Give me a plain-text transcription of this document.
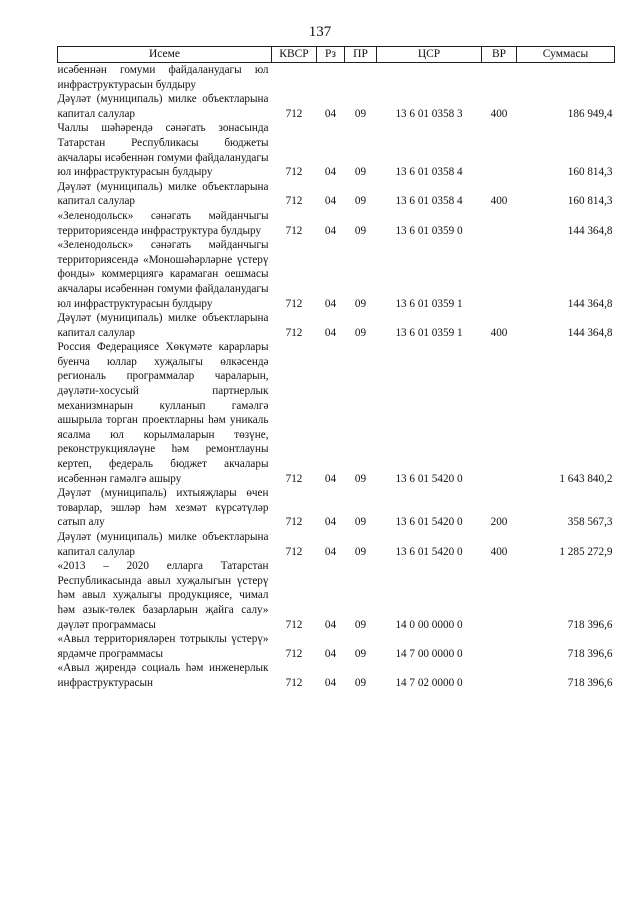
137
Исеме	КВСР	Рз	ПР	ЦСР	ВР	Суммасы
исәбеннән гомуми файдаланудагы юл инфраструктурасын булдыру						
Дәүләт (муниципаль) милке объектларына капитал салулар	712	04	09	13 6 01 0358 3	400	186 949,4
Чаллы шәһәрендә сәнәгать зонасында Татарстан Республикасы бюджеты акчалары исәбеннән гомуми файдаланудагы юл инфраструктурасын булдыру	712	04	09	13 6 01 0358 4		160 814,3
Дәүләт (муниципаль) милке объектларына капитал салулар	712	04	09	13 6 01 0358 4	400	160 814,3
«Зеленодольск» сәнәгать мәйданчыгы территориясендә инфраструктура булдыру	712	04	09	13 6 01 0359 0		144 364,8
«Зеленодольск» сәнәгать мәйданчыгы территориясендә «Моношәһәрләрне үстерү фонды» коммерциягә карамаган оешмасы акчалары исәбеннән гомуми файдаланудагы юл инфраструктурасын булдыру	712	04	09	13 6 01 0359 1		144 364,8
Дәүләт (муниципаль) милке объектларына капитал салулар	712	04	09	13 6 01 0359 1	400	144 364,8
Россия Федерациясе Хөкүмәте карарлары буенча юллар хуҗалыгы өлкәсендә региональ программалар чараларын, дәүләти-хосусый партнерлык механизмнарын кулланып гамәлгә ашырыла торган проектларны һәм уникаль ясалма юл корылмаларын төзүне, реконструкцияләүне һәм ремонтлауны кертеп, федераль бюджет акчалары исәбеннән гамәлгә ашыру	712	04	09	13 6 01 5420 0		1 643 840,2
Дәүләт (муниципаль) ихтыяҗлары өчен товарлар, эшләр һәм хезмәт күрсәтүләр сатып алу	712	04	09	13 6 01 5420 0	200	358 567,3
Дәүләт (муниципаль) милке объектларына капитал салулар	712	04	09	13 6 01 5420 0	400	1 285 272,9
«2013 – 2020 елларга Татарстан Республикасында авыл хуҗалыгын үстерү һәм авыл хуҗалыгы продукциясе, чимал һәм азык-төлек базарларын җайга салу» дәүләт программасы	712	04	09	14 0 00 0000 0		718 396,6
«Авыл территорияләрен тотрыклы үстерү» ярдәмче программасы	712	04	09	14 7 00 0000 0		718 396,6
«Авыл җирендә социаль һәм инженерлык инфраструктурасын	712	04	09	14 7 02 0000 0		718 396,6
